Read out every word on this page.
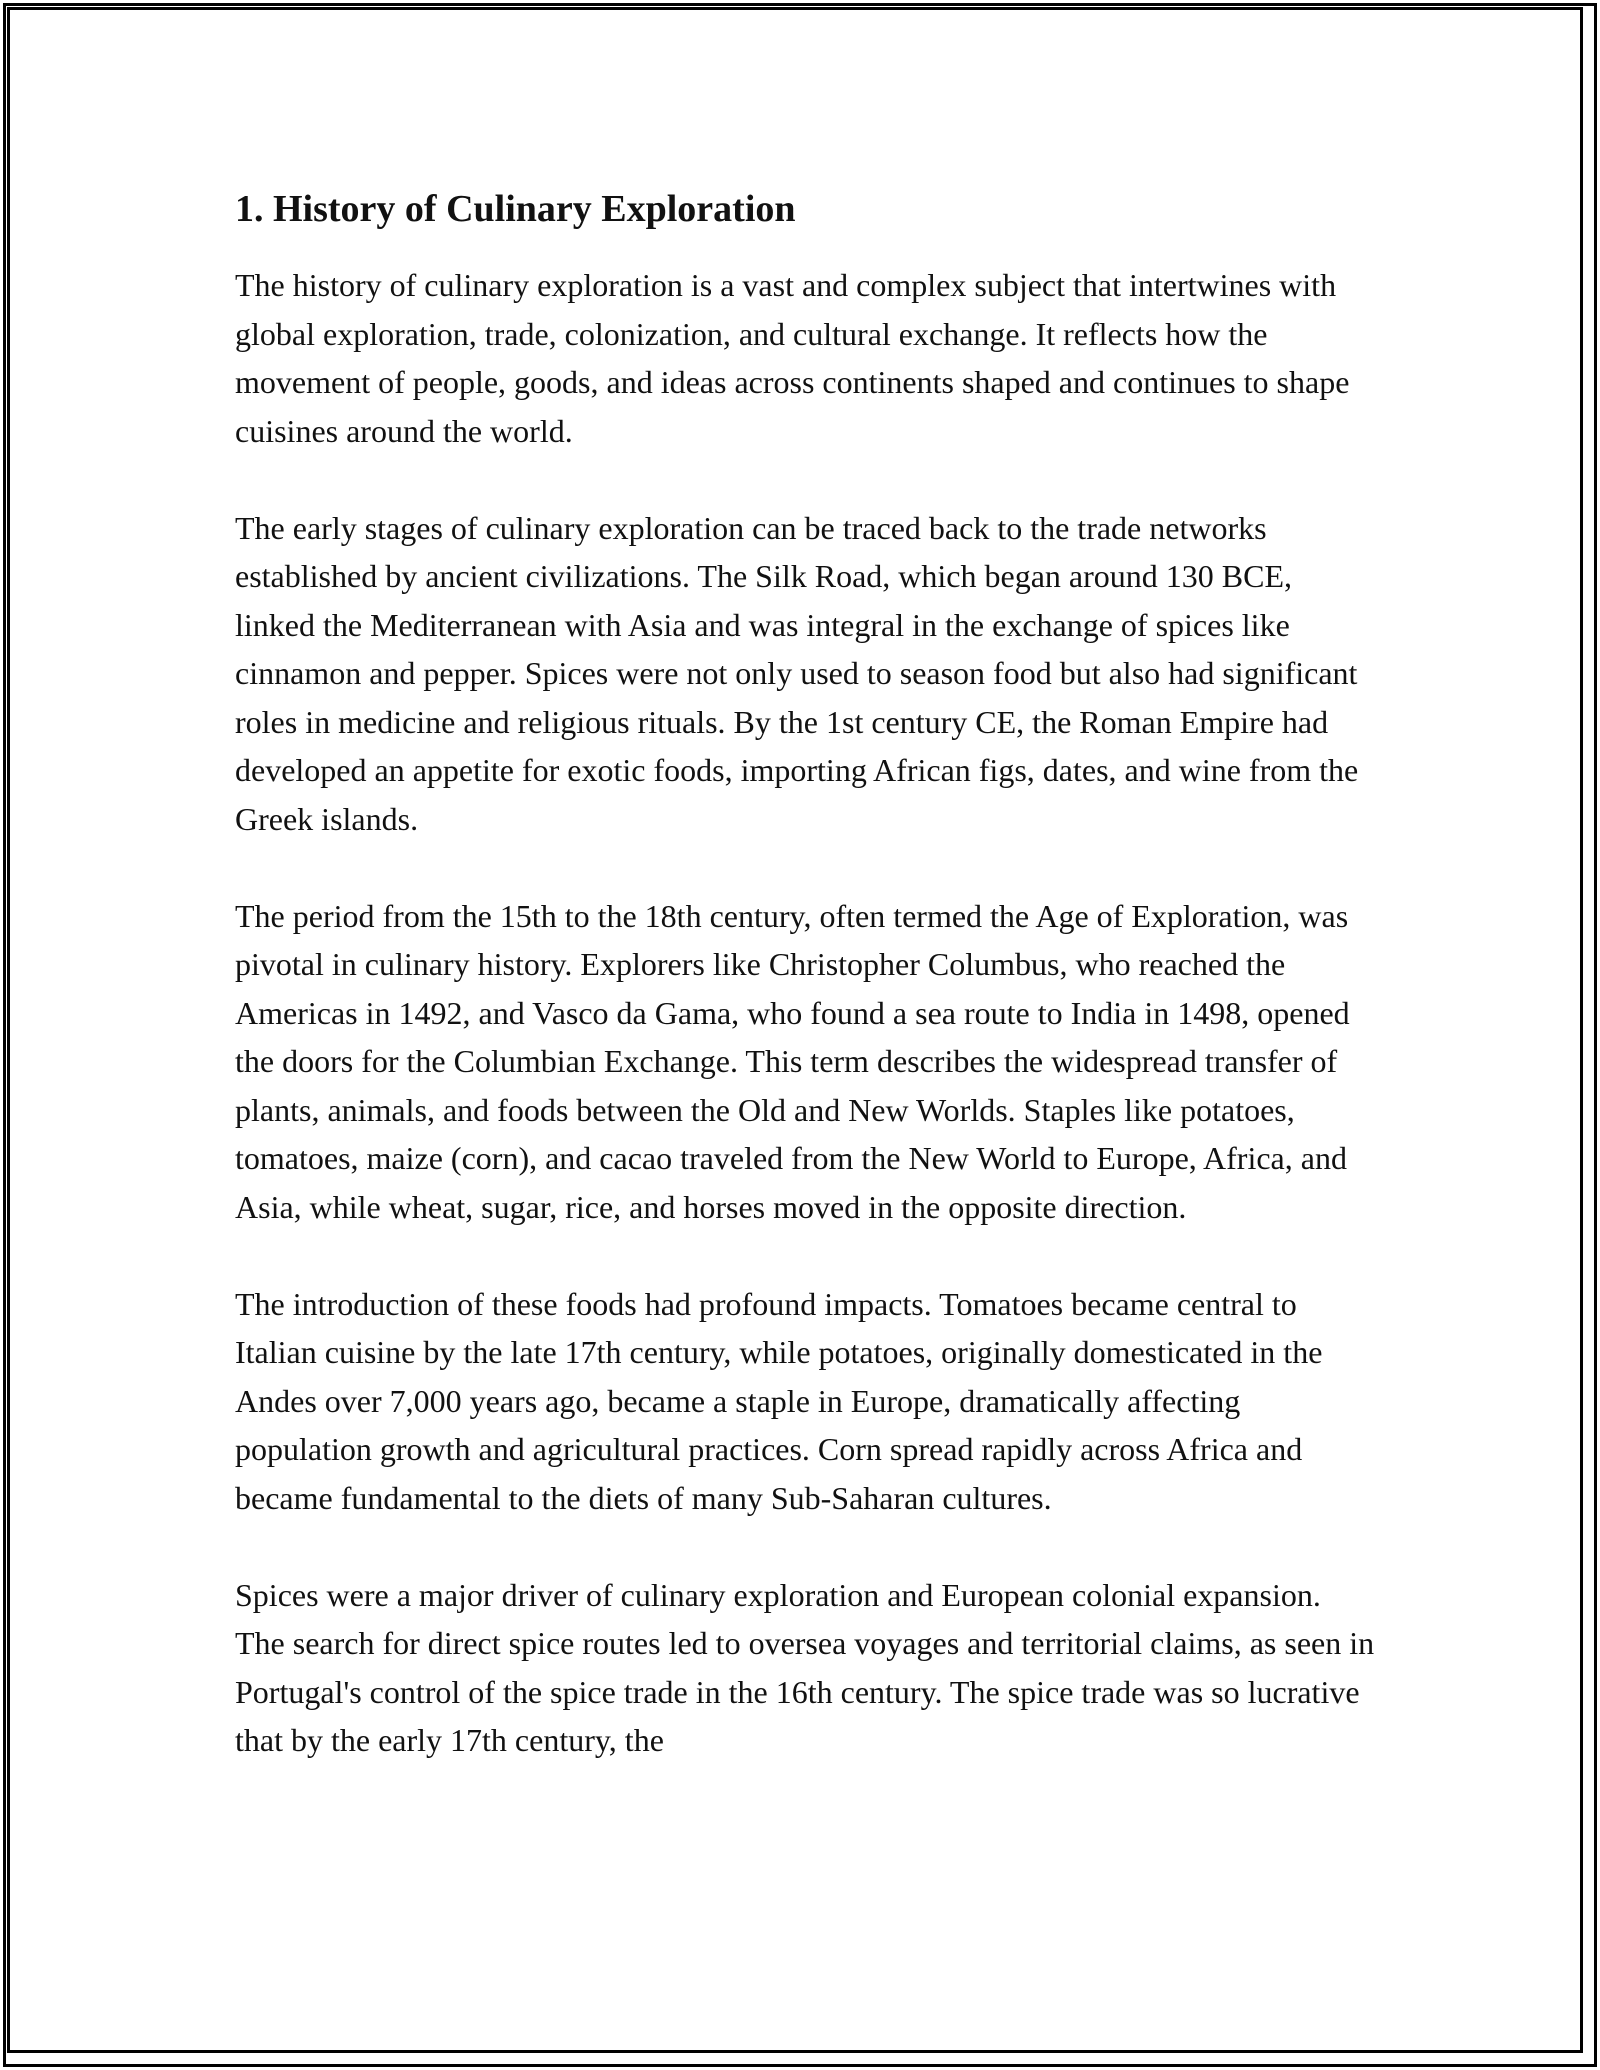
1. History of Culinary Exploration

The history of culinary exploration is a vast and complex subject that intertwines with global exploration, trade, colonization, and cultural exchange. It reflects how the movement of people, goods, and ideas across continents shaped and continues to shape cuisines around the world.

The early stages of culinary exploration can be traced back to the trade networks established by ancient civilizations. The Silk Road, which began around 130 BCE, linked the Mediterranean with Asia and was integral in the exchange of spices like cinnamon and pepper. Spices were not only used to season food but also had significant roles in medicine and religious rituals. By the 1st century CE, the Roman Empire had developed an appetite for exotic foods, importing African figs, dates, and wine from the Greek islands.

The period from the 15th to the 18th century, often termed the Age of Exploration, was pivotal in culinary history. Explorers like Christopher Columbus, who reached the Americas in 1492, and Vasco da Gama, who found a sea route to India in 1498, opened the doors for the Columbian Exchange. This term describes the widespread transfer of plants, animals, and foods between the Old and New Worlds. Staples like potatoes, tomatoes, maize (corn), and cacao traveled from the New World to Europe, Africa, and Asia, while wheat, sugar, rice, and horses moved in the opposite direction.

The introduction of these foods had profound impacts. Tomatoes became central to Italian cuisine by the late 17th century, while potatoes, originally domesticated in the Andes over 7,000 years ago, became a staple in Europe, dramatically affecting population growth and agricultural practices. Corn spread rapidly across Africa and became fundamental to the diets of many Sub-Saharan cultures.

Spices were a major driver of culinary exploration and European colonial expansion. The search for direct spice routes led to oversea voyages and territorial claims, as seen in Portugal's control of the spice trade in the 16th century. The spice trade was so lucrative that by the early 17th century, the
